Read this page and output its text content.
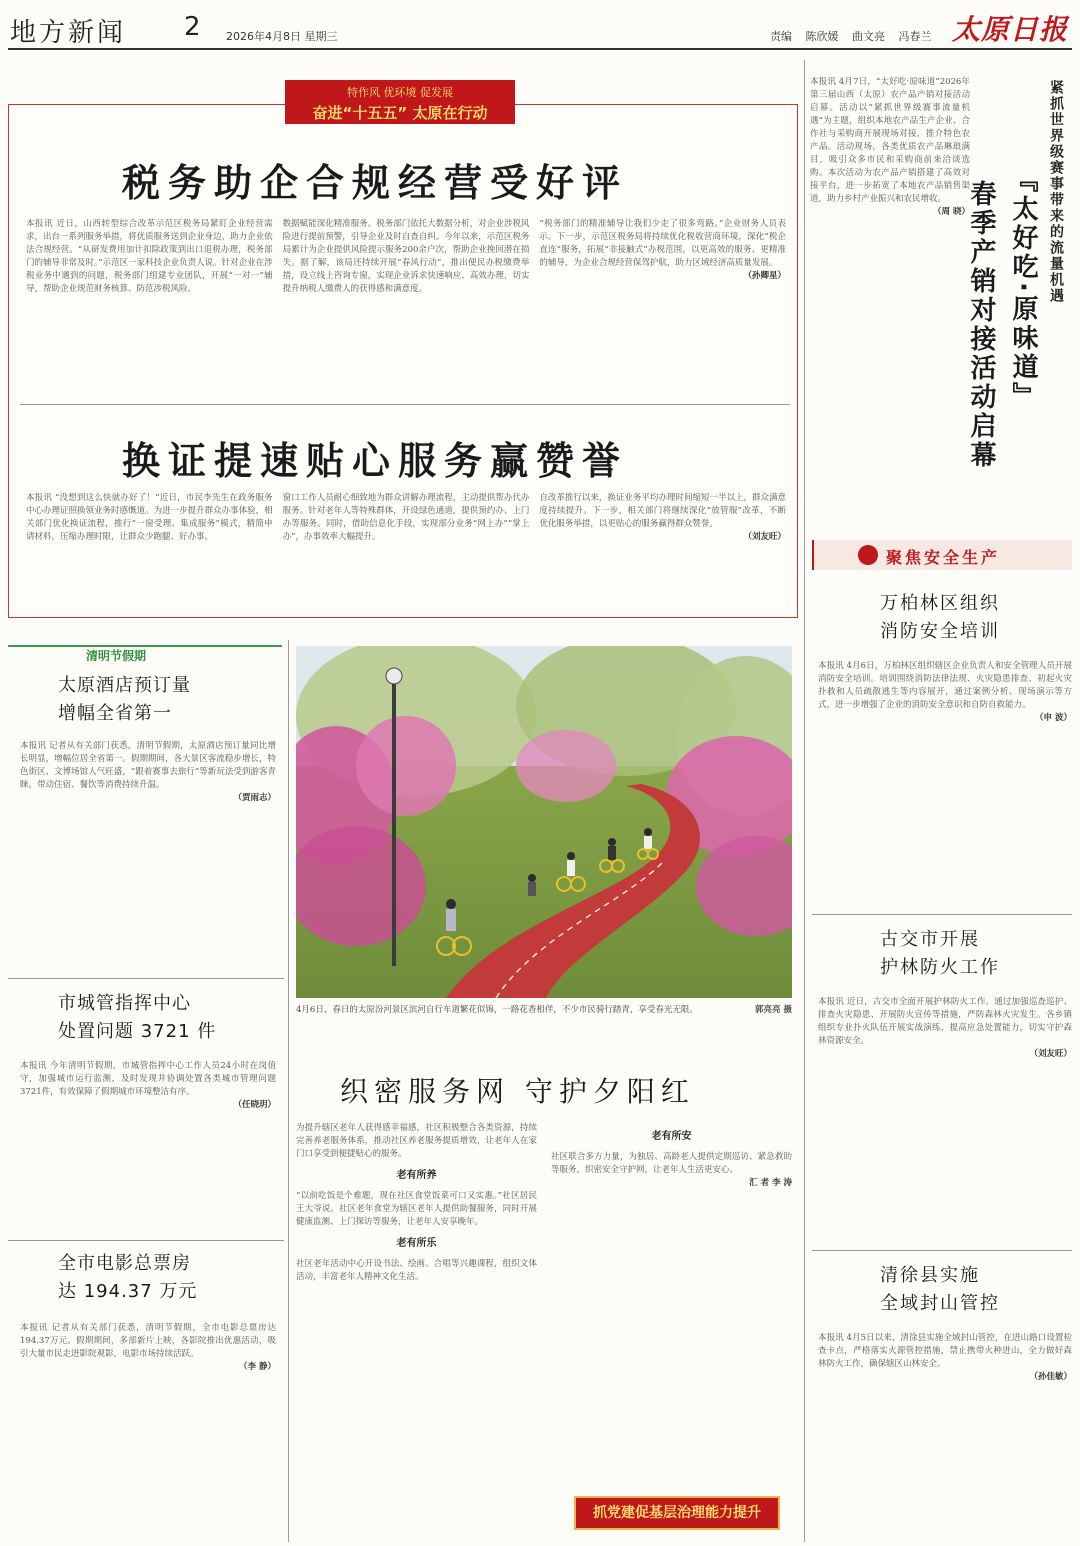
地方新闻 2 2026年4月8日 星期三	责编 陈欣媛 曲文亮 冯春兰 太原日报
特作风 优环境 促发展
奋进“十五五” 太原在行动
税务助企合规经营受好评
本报讯 近日，山西转型综合改革示范区税务局紧盯企业经营需求，出台一系列服务举措，将优质服务送到企业身边，助力企业依法合规经营。“从研发费用加计扣除政策到出口退税办理，税务部门的辅导非常及时。”示范区一家科技企业负责人说。针对企业在涉税业务中遇到的问题，税务部门组建专业团队，开展“一对一”辅导，帮助企业规范财务核算、防范涉税风险。
数据赋能深化精准服务。税务部门依托大数据分析，对企业涉税风险进行提前预警，引导企业及时自查自纠。今年以来，示范区税务局累计为企业提供风险提示服务200余户次，帮助企业挽回潜在损失。据了解，该局还持续开展“春风行动”，推出便民办税缴费举措，设立线上咨询专窗，实现企业诉求快速响应、高效办理，切实提升纳税人缴费人的获得感和满意度。
“税务部门的精准辅导让我们少走了很多弯路。”企业财务人员表示。下一步，示范区税务局将持续优化税收营商环境，深化“税企直连”服务，拓展“非接触式”办税范围，以更高效的服务、更精准的辅导，为企业合规经营保驾护航，助力区域经济高质量发展。
（孙卿星）
换证提速贴心服务赢赞誉
本报讯 “没想到这么快就办好了！”近日，市民李先生在政务服务中心办理证照换领业务时感慨道。为进一步提升群众办事体验，相关部门优化换证流程，推行“一窗受理、集成服务”模式，精简申请材料，压缩办理时限，让群众少跑腿、好办事。
窗口工作人员耐心细致地为群众讲解办理流程，主动提供帮办代办服务。针对老年人等特殊群体，开设绿色通道，提供预约办、上门办等服务。同时，借助信息化手段，实现部分业务“网上办”“掌上办”，办事效率大幅提升。
自改革推行以来，换证业务平均办理时间缩短一半以上，群众满意度持续提升。下一步，相关部门将继续深化“放管服”改革，不断优化服务举措，以更贴心的服务赢得群众赞誉。
（刘友旺）
本报讯 4月7日，“太好吃·原味道”2026年第三届山西（太原）农产品产销对接活动启幕。活动以“紧抓世界级赛事流量机遇”为主题，组织本地农产品生产企业、合作社与采购商开展现场对接，推介特色农产品。活动现场，各类优质农产品琳琅满目，吸引众多市民和采购商前来洽谈选购。本次活动为农产品产销搭建了高效对接平台，进一步拓宽了本地农产品销售渠道，助力乡村产业振兴和农民增收。
（周 晓）	紧抓世界级赛事带来的流量机遇
『太好吃·原味道』
春季产销对接活动启幕
聚焦安全生产
万柏林区组织
消防安全培训
本报讯 4月6日，万柏林区组织辖区企业负责人和安全管理人员开展消防安全培训。培训围绕消防法律法规、火灾隐患排查、初起火灾扑救和人员疏散逃生等内容展开，通过案例分析、现场演示等方式，进一步增强了企业的消防安全意识和自防自救能力。
（申 波）
古交市开展
护林防火工作
本报讯 近日，古交市全面开展护林防火工作。通过加强巡查巡护、排查火灾隐患、开展防火宣传等措施，严防森林火灾发生。各乡镇组织专业扑火队伍开展实战演练，提高应急处置能力，切实守护森林资源安全。
（刘友旺）
清徐县实施
全域封山管控
本报讯 4月5日以来，清徐县实施全域封山管控，在进山路口设置检查卡点，严格落实火源管控措施，禁止携带火种进山，全力做好森林防火工作，确保辖区山林安全。
（孙佳敏）
清明节假期
太原酒店预订量
增幅全省第一
本报讯 记者从有关部门获悉，清明节假期，太原酒店预订量同比增长明显，增幅位居全省第一。假期期间，各大景区客流稳步增长，特色街区、文博场馆人气旺盛，“跟着赛事去旅行”等新玩法受到游客青睐，带动住宿、餐饮等消费持续升温。
（贾雨志）
市城管指挥中心
处置问题 3721 件
本报讯 今年清明节假期，市城管指挥中心工作人员24小时在岗值守，加强城市运行监测，及时发现并协调处置各类城市管理问题3721件，有效保障了假期城市环境整洁有序。
（任晓玥）
全市电影总票房
达 194.37 万元
本报讯 记者从有关部门获悉，清明节假期，全市电影总票房达194.37万元。假期期间，多部新片上映，各影院推出优惠活动，吸引大量市民走进影院观影，电影市场持续活跃。
（李 静）
4月6日，春日的太原汾河景区滨河自行车道繁花似锦，一路花香相伴，不少市民骑行踏青，享受春光无限。	郭亮亮 摄
织密服务网 守护夕阳红
为提升辖区老年人获得感幸福感，社区积极整合各类资源，持续完善养老服务体系，推动社区养老服务提质增效，让老年人在家门口享受到便捷贴心的服务。
老有所养
“以前吃饭是个难题，现在社区食堂饭菜可口又实惠。”社区居民王大爷说。社区老年食堂为辖区老年人提供助餐服务，同时开展健康监测、上门探访等服务，让老年人安享晚年。
老有所乐
社区老年活动中心开设书法、绘画、合唱等兴趣课程，组织文体活动，丰富老年人精神文化生活。
老有所安
社区联合多方力量，为独居、高龄老人提供定期巡访、紧急救助等服务，织密安全守护网，让老年人生活更安心。
汇 者 李 涛
抓党建促基层治理能力提升
